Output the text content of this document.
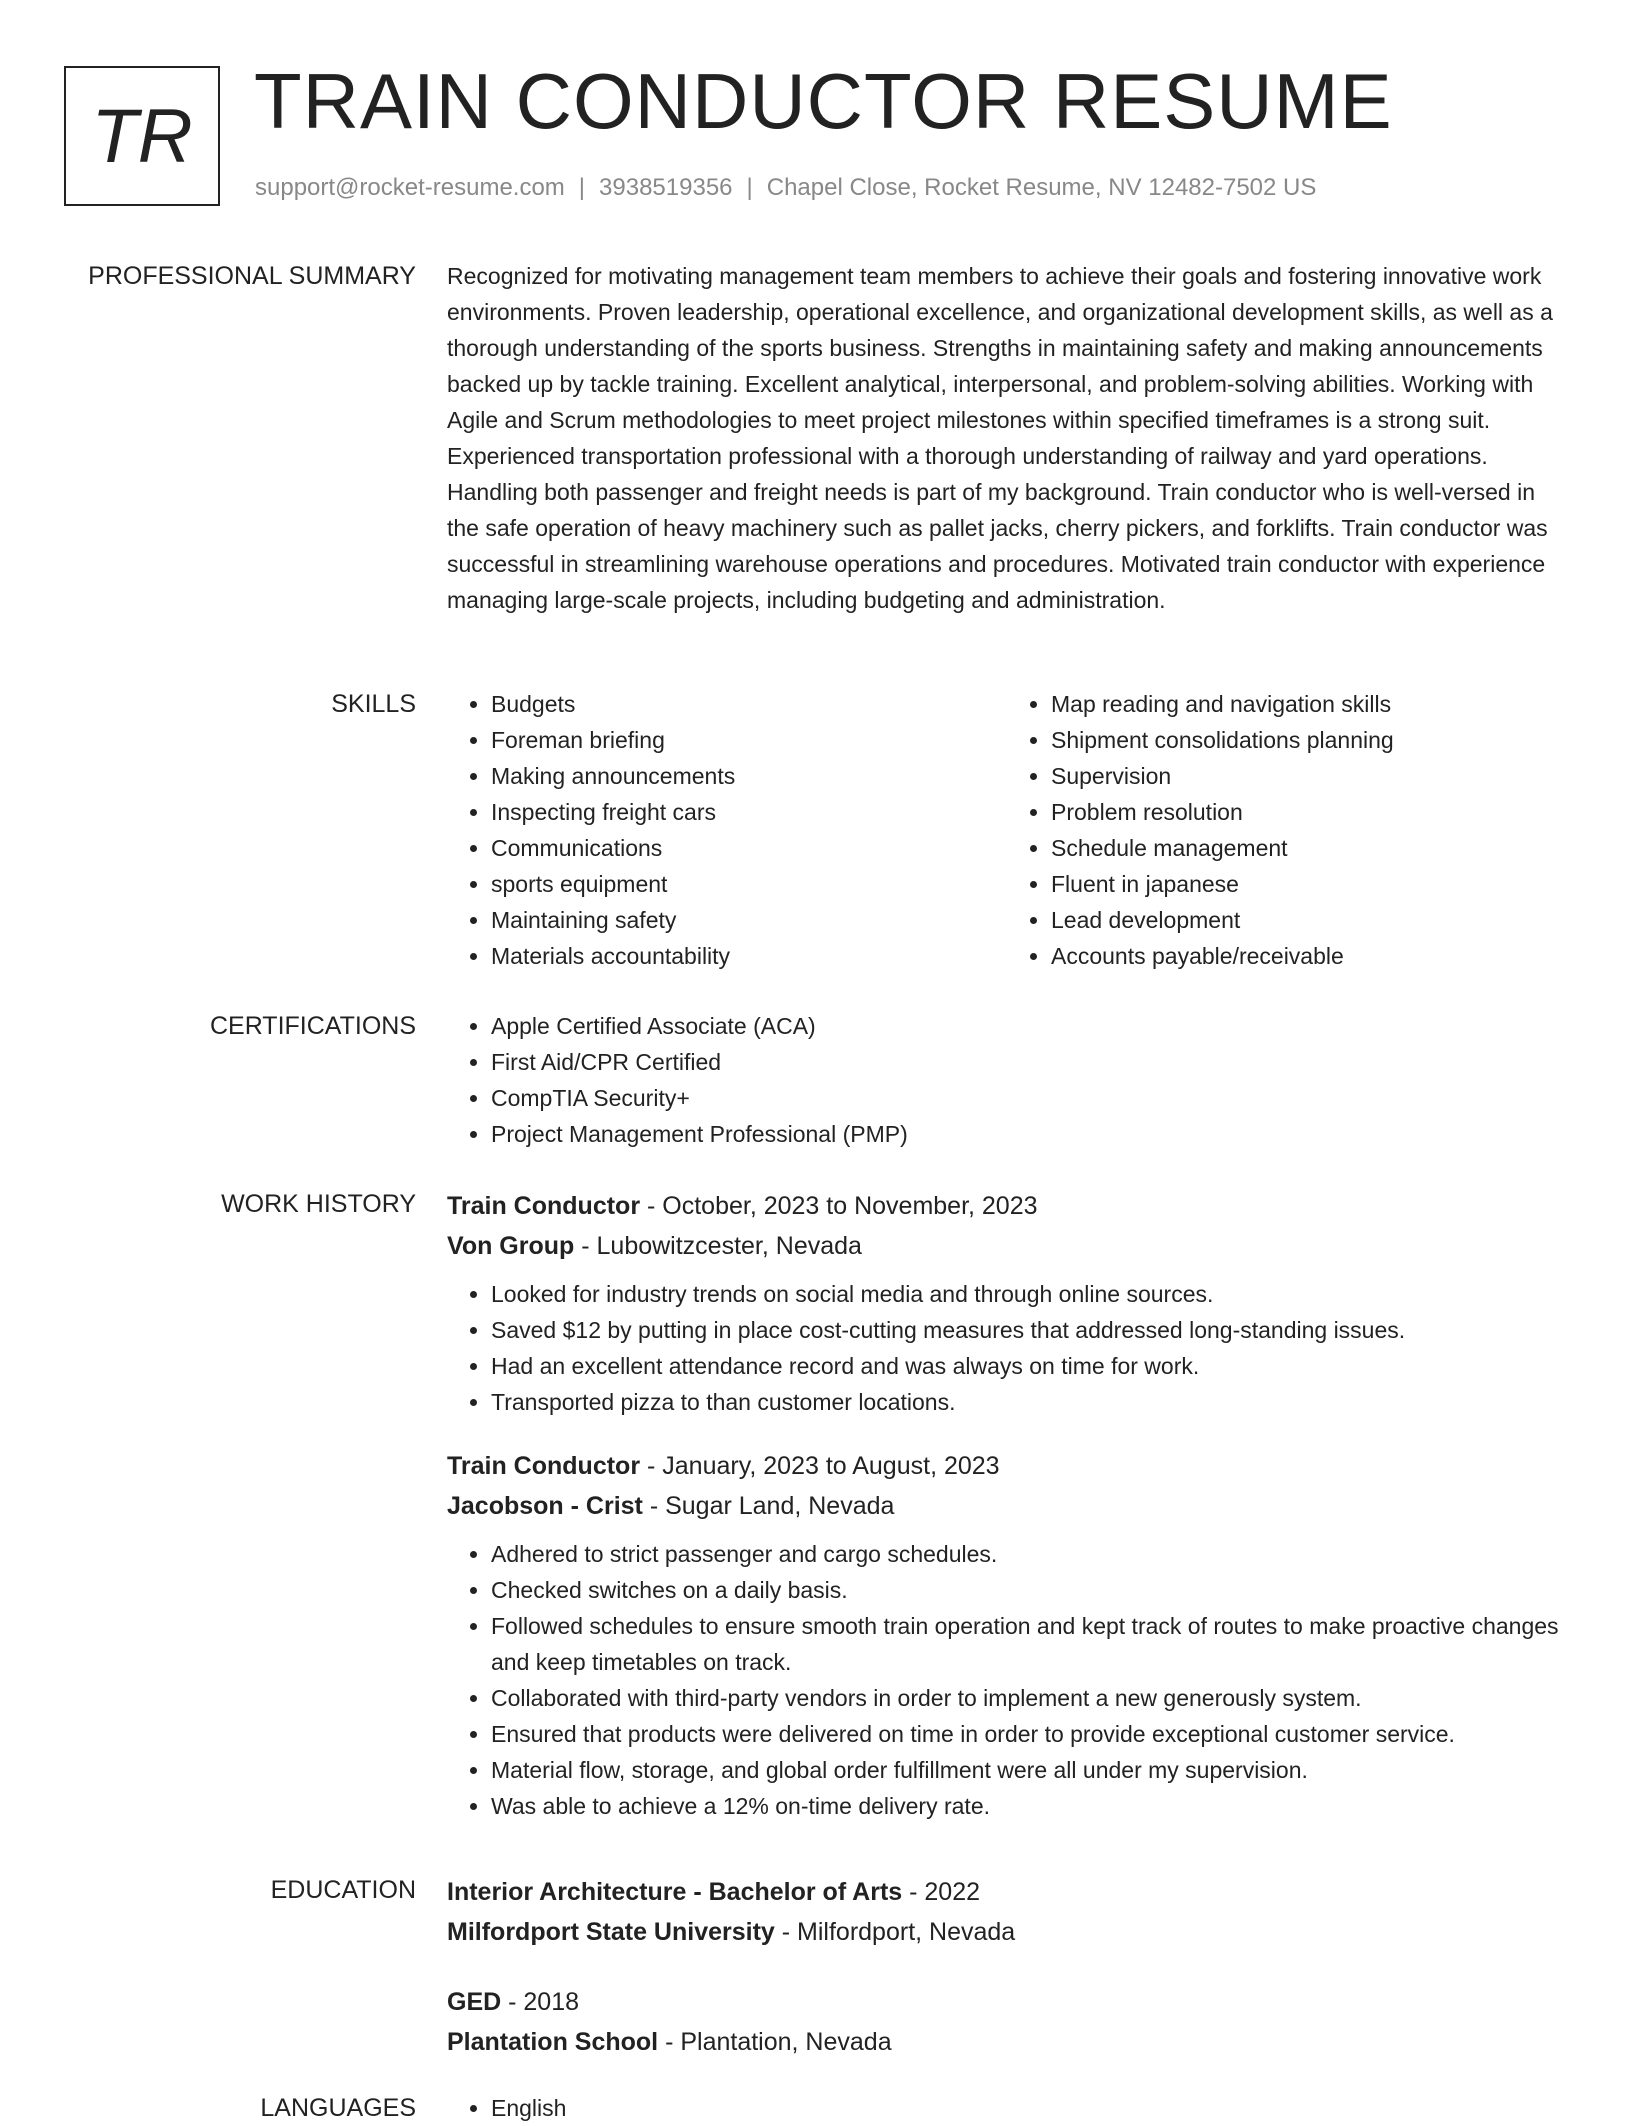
TR TRAIN CONDUCTOR RESUME
support@rocket-resume.com | 3938519356 | Chapel Close, Rocket Resume, NV 12482-7502 US
PROFESSIONAL SUMMARY Recognized for motivating management team members to achieve their goals and fostering innovative work environments. Proven leadership, operational excellence, and organizational development skills, as well as a thorough understanding of the sports business. Strengths in maintaining safety and making announcements backed up by tackle training. Excellent analytical, interpersonal, and problem-solving abilities. Working with Agile and Scrum methodologies to meet project milestones within specified timeframes is a strong suit. Experienced transportation professional with a thorough understanding of railway and yard operations. Handling both passenger and freight needs is part of my background. Train conductor who is well-versed in the safe operation of heavy machinery such as pallet jacks, cherry pickers, and forklifts. Train conductor was successful in streamlining warehouse operations and procedures. Motivated train conductor with experience managing large-scale projects, including budgeting and administration.

SKILLS	• Budgets
• Foreman briefing
• Making announcements
• Inspecting freight cars
• Communications
• sports equipment
• Maintaining safety
• Materials accountability
• Map reading and navigation skills
• Shipment consolidations planning
• Supervision
• Problem resolution
• Schedule management
• Fluent in japanese
• Lead development
• Accounts payable/receivable
CERTIFICATIONS	• Apple Certified Associate (ACA)
• First Aid/CPR Certified
• CompTIA Security+
• Project Management Professional (PMP)
WORK HISTORY Train Conductor - October, 2023 to November, 2023
Von Group - Lubowitzcester, Nevada
• Looked for industry trends on social media and through online sources.
• Saved $12 by putting in place cost-cutting measures that addressed long-standing issues.
• Had an excellent attendance record and was always on time for work.
• Transported pizza to than customer locations.
Train Conductor - January, 2023 to August, 2023
Jacobson - Crist - Sugar Land, Nevada
• Adhered to strict passenger and cargo schedules.
• Checked switches on a daily basis.
• Followed schedules to ensure smooth train operation and kept track of routes to make proactive changes and keep timetables on track.
• Collaborated with third-party vendors in order to implement a new generously system.
• Ensured that products were delivered on time in order to provide exceptional customer service.
• Material flow, storage, and global order fulfillment were all under my supervision.
• Was able to achieve a 12% on-time delivery rate.
EDUCATION Interior Architecture - Bachelor of Arts - 2022
Milfordport State University - Milfordport, Nevada
GED - 2018
Plantation School - Plantation, Nevada
LANGUAGES	• English
